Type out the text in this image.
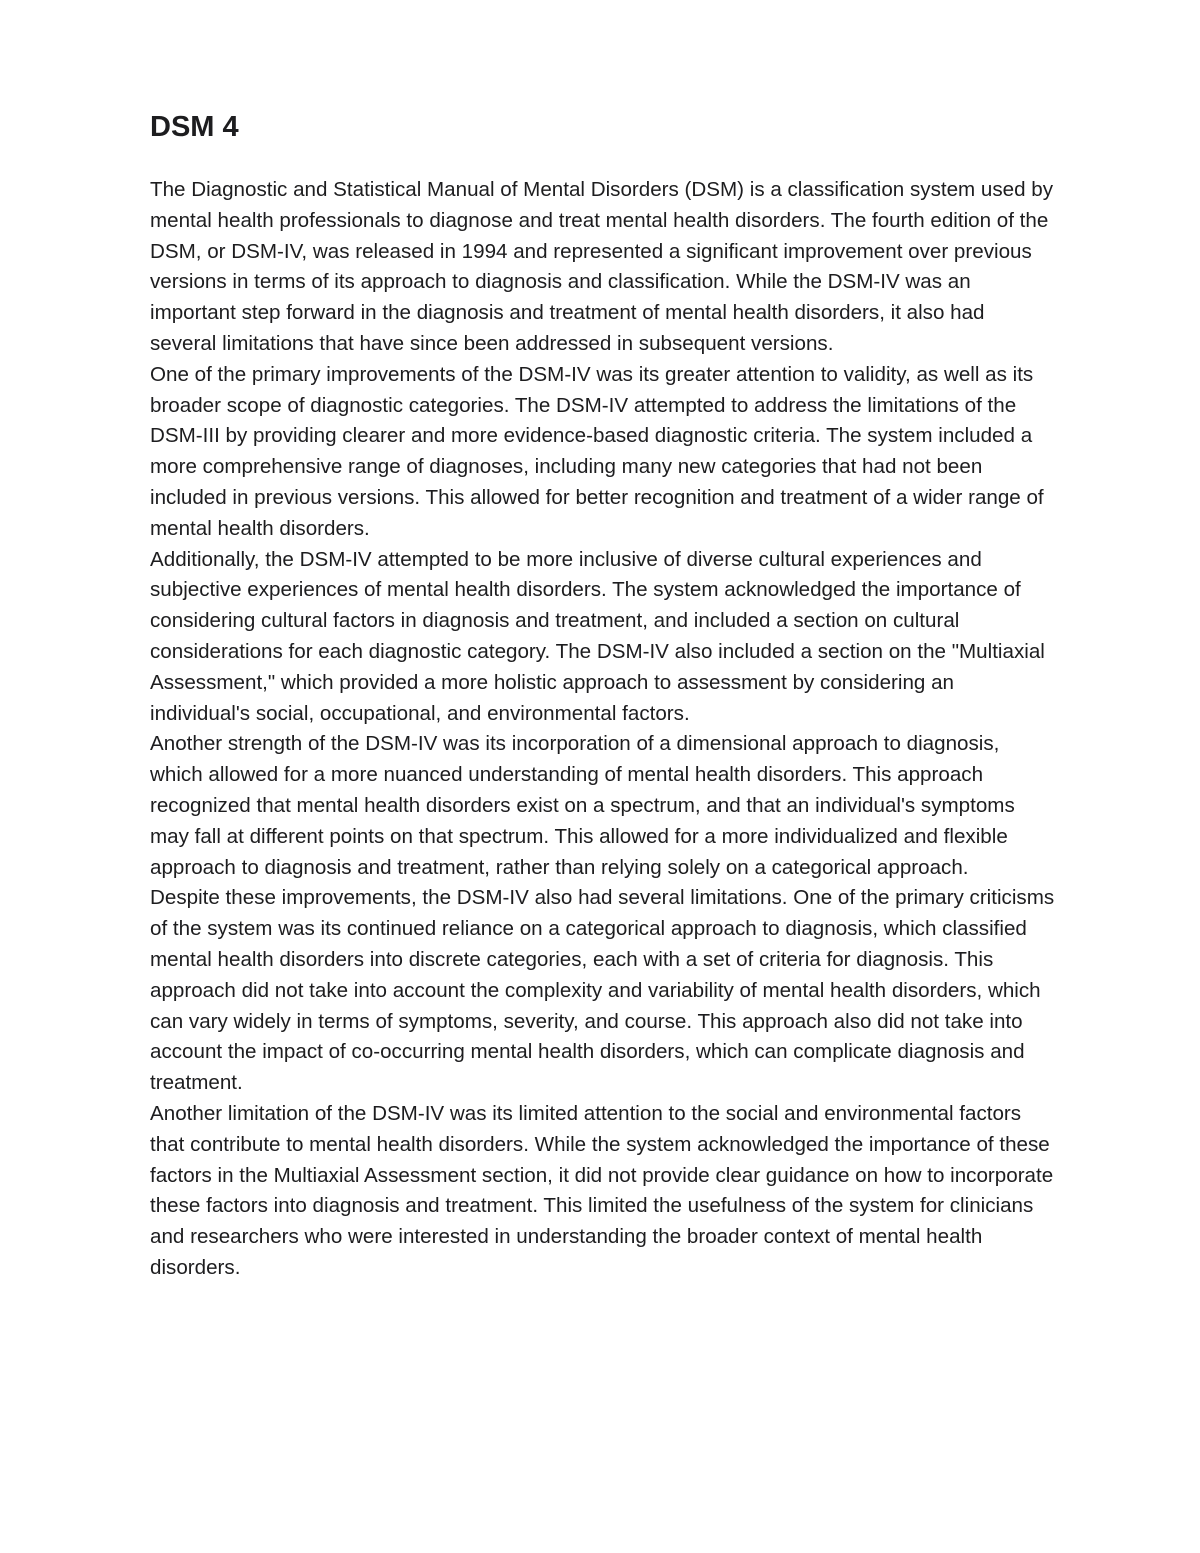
DSM 4

The Diagnostic and Statistical Manual of Mental Disorders (DSM) is a classification system used by mental health professionals to diagnose and treat mental health disorders. The fourth edition of the DSM, or DSM-IV, was released in 1994 and represented a significant improvement over previous versions in terms of its approach to diagnosis and classification. While the DSM-IV was an important step forward in the diagnosis and treatment of mental health disorders, it also had several limitations that have since been addressed in subsequent versions.

One of the primary improvements of the DSM-IV was its greater attention to validity, as well as its broader scope of diagnostic categories. The DSM-IV attempted to address the limitations of the DSM-III by providing clearer and more evidence-based diagnostic criteria. The system included a more comprehensive range of diagnoses, including many new categories that had not been included in previous versions. This allowed for better recognition and treatment of a wider range of mental health disorders.

Additionally, the DSM-IV attempted to be more inclusive of diverse cultural experiences and subjective experiences of mental health disorders. The system acknowledged the importance of considering cultural factors in diagnosis and treatment, and included a section on cultural considerations for each diagnostic category. The DSM-IV also included a section on the "Multiaxial Assessment," which provided a more holistic approach to assessment by considering an individual's social, occupational, and environmental factors.

Another strength of the DSM-IV was its incorporation of a dimensional approach to diagnosis, which allowed for a more nuanced understanding of mental health disorders. This approach recognized that mental health disorders exist on a spectrum, and that an individual's symptoms may fall at different points on that spectrum. This allowed for a more individualized and flexible approach to diagnosis and treatment, rather than relying solely on a categorical approach.

Despite these improvements, the DSM-IV also had several limitations. One of the primary criticisms of the system was its continued reliance on a categorical approach to diagnosis, which classified mental health disorders into discrete categories, each with a set of criteria for diagnosis. This approach did not take into account the complexity and variability of mental health disorders, which can vary widely in terms of symptoms, severity, and course. This approach also did not take into account the impact of co-occurring mental health disorders, which can complicate diagnosis and treatment.

Another limitation of the DSM-IV was its limited attention to the social and environmental factors that contribute to mental health disorders. While the system acknowledged the importance of these factors in the Multiaxial Assessment section, it did not provide clear guidance on how to incorporate these factors into diagnosis and treatment. This limited the usefulness of the system for clinicians and researchers who were interested in understanding the broader context of mental health disorders.
